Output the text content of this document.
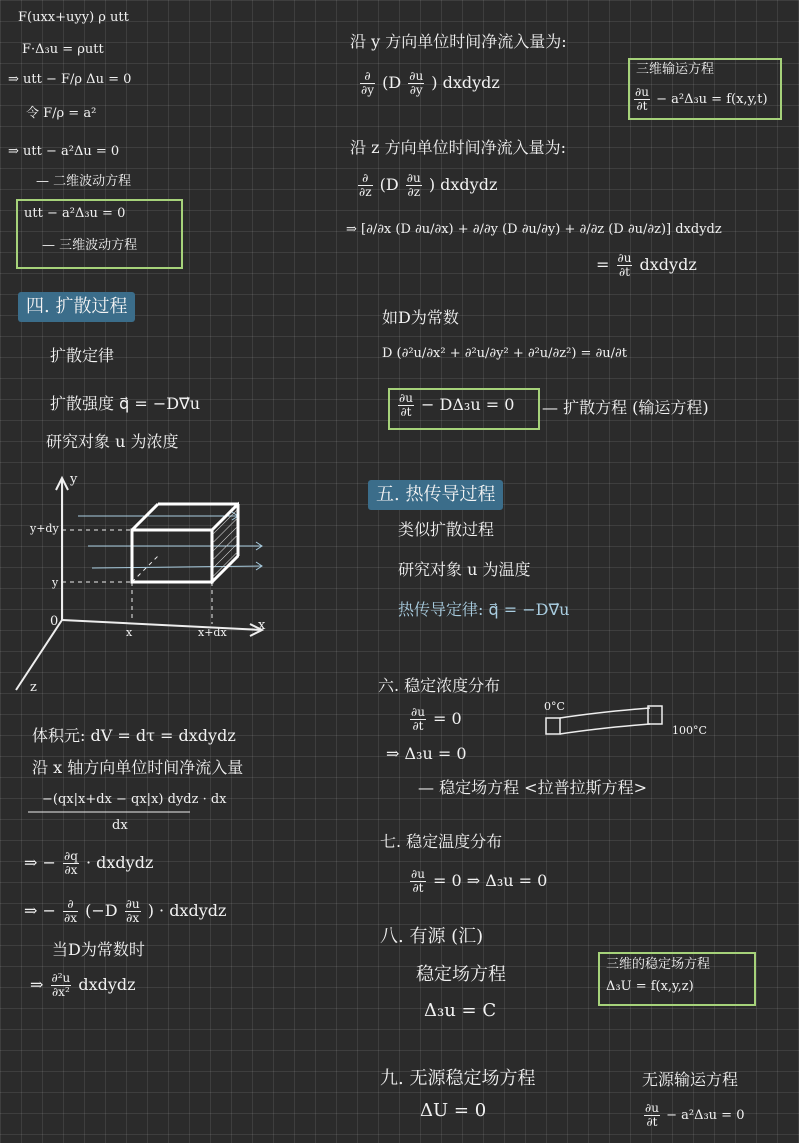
F(uxx+uyy) ρ utt
F·Δ₃u = ρutt
⇒ utt − F/ρ Δu = 0
令 F/ρ = a²
⇒ utt − a²Δu = 0
— 二维波动方程
utt − a²Δ₃u = 0
— 三维波动方程
四. 扩散过程
扩散定律
扩散强度 q⃗ = −D∇⃗u
研究对象 u 为浓度
y
z
x
0
y
y+dy
x	x+dx
体积元: dV = dτ = dxdydz
沿 x 轴方向单位时间净流入量
−(qx|x+dx − qx|x) dydz · dx
dx
⇒ − $\frac{\partial q}{\partial x}$ · dxdydz
⇒ − $\frac{\partial}{\partial x} (-D \frac{\partial u}{\partial x}$ ) · dxdydz
当D为常数时
⇒ $\frac{\text{∂²u}}{\text{∂x²}}$ dxdydz
沿 y 方向单位时间净流入量为:
$\frac{\partial}{\partial y} (D \frac{\partial u}{\partial y}$ ) dxdydz
三维输运方程
$\frac{\partial u}{\partial t} - a^2\Delta_3u = f(x,y,t)$
沿 z 方向单位时间净流入量为:
$\frac{\partial}{\partial z} (D \frac{\partial u}{\partial z}$ ) dxdydz
⇒ [∂/∂x (D ∂u/∂x) + ∂/∂y (D ∂u/∂y) + ∂/∂z (D ∂u/∂z)] dxdydz
= $\frac{\partial u}{\partial t}$ dxdydz
如D为常数
D (∂²u/∂x² + ∂²u/∂y² + ∂²u/∂z²) = ∂u/∂t
$\frac{\partial u}{\partial t} - D\Delta_3u = 0$ — 扩散方程 (输运方程)
五. 热传导过程
类似扩散过程
研究对象 u 为温度
热传导定律: q⃗ = −D∇⃗u
六. 稳定浓度分布
$\frac{\partial u}{\partial t} = 0$
⇒ Δ₃u = 0
— 稳定场方程 <拉普拉斯方程>
0°C
100°C
七. 稳定温度分布
$\frac{\partial u}{\partial t} = 0$ ⇒ Δ₃u = 0
八. 有源 (汇)
稳定场方程
Δ₃u = C
三维的稳定场方程
Δ₃U = f(x,y,z)
九. 无源稳定场方程
ΔU = 0
无源输运方程
$\frac{\partial u}{\partial t} - a^2\Delta_3u = 0$
